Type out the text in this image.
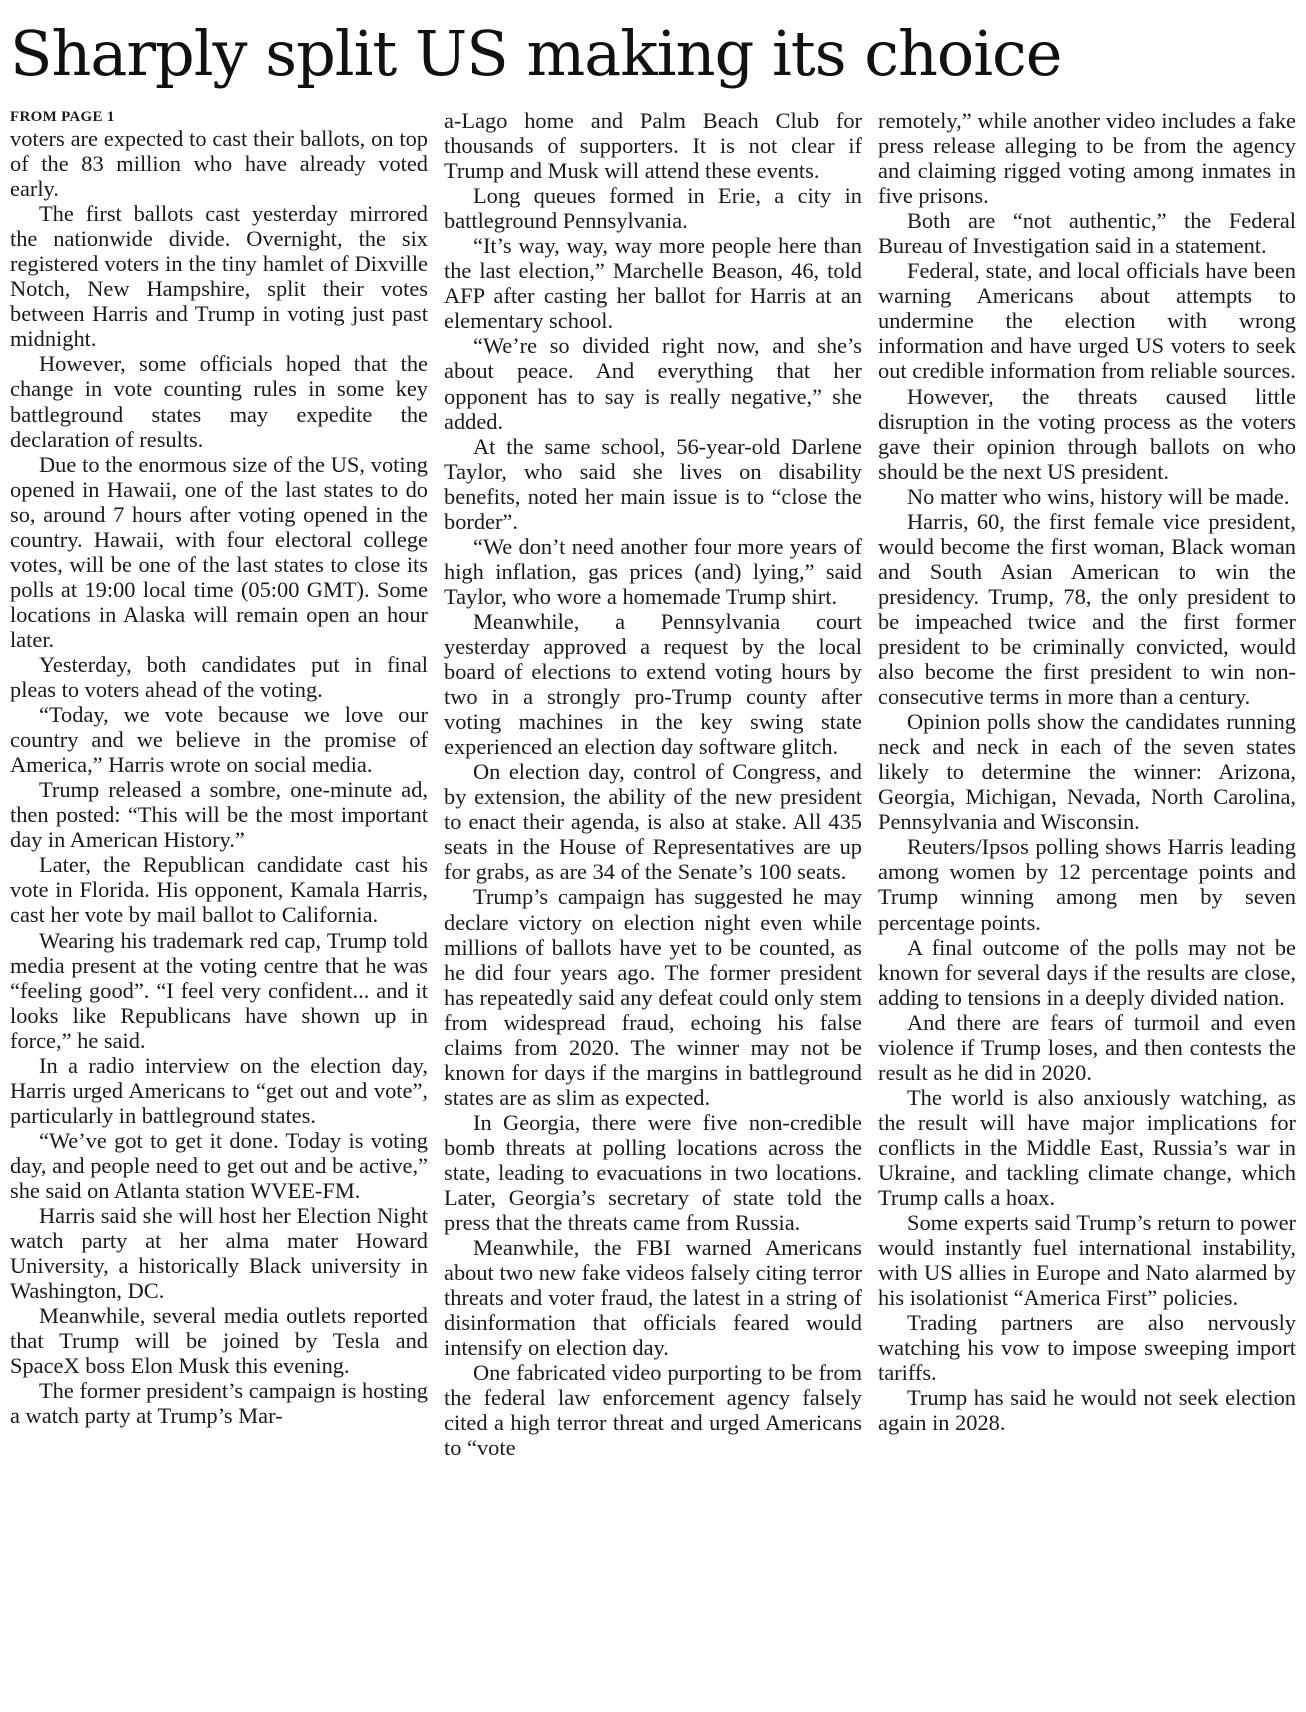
Sharply split US making its choice
FROM PAGE 1

voters are expected to cast their ballots, on top of the 83 million who have already voted early.

The first ballots cast yesterday mirrored the nationwide divide. Overnight, the six registered voters in the tiny hamlet of Dixville Notch, New Hampshire, split their votes between Harris and Trump in voting just past midnight.

However, some officials hoped that the change in vote counting rules in some key battleground states may expedite the declaration of results.

Due to the enormous size of the US, voting opened in Hawaii, one of the last states to do so, around 7 hours after voting opened in the country. Hawaii, with four electoral college votes, will be one of the last states to close its polls at 19:00 local time (05:00 GMT). Some locations in Alaska will remain open an hour later.

Yesterday, both candidates put in final pleas to voters ahead of the voting.

“Today, we vote because we love our country and we believe in the promise of America,” Harris wrote on social media.

Trump released a sombre, one-minute ad, then posted: “This will be the most important day in American History.”

Later, the Republican candidate cast his vote in Florida. His opponent, Kamala Harris, cast her vote by mail ballot to California.

Wearing his trademark red cap, Trump told media present at the voting centre that he was “feeling good”. “I feel very confident... and it looks like Republicans have shown up in force,” he said.

In a radio interview on the election day, Harris urged Americans to “get out and vote”, particularly in battleground states.

“We’ve got to get it done. Today is voting day, and people need to get out and be active,” she said on Atlanta station WVEE-FM.

Harris said she will host her Election Night watch party at her alma mater Howard University, a historically Black university in Washington, DC.

Meanwhile, several media outlets reported that Trump will be joined by Tesla and SpaceX boss Elon Musk this evening.

The former president’s campaign is hosting a watch party at Trump’s Mar-

a-Lago home and Palm Beach Club for thousands of supporters. It is not clear if Trump and Musk will attend these events.

Long queues formed in Erie, a city in battleground Pennsylvania.

“It’s way, way, way more people here than the last election,” Marchelle Beason, 46, told AFP after casting her ballot for Harris at an elementary school.

“We’re so divided right now, and she’s about peace. And everything that her opponent has to say is really negative,” she added.

At the same school, 56-year-old Darlene Taylor, who said she lives on disability benefits, noted her main issue is to “close the border”.

“We don’t need another four more years of high inflation, gas prices (and) lying,” said Taylor, who wore a homemade Trump shirt.

Meanwhile, a Pennsylvania court yesterday approved a request by the local board of elections to extend voting hours by two in a strongly pro-Trump county after voting machines in the key swing state experienced an election day software glitch.

On election day, control of Congress, and by extension, the ability of the new president to enact their agenda, is also at stake. All 435 seats in the House of Representatives are up for grabs, as are 34 of the Senate’s 100 seats.

Trump’s campaign has suggested he may declare victory on election night even while millions of ballots have yet to be counted, as he did four years ago. The former president has repeatedly said any defeat could only stem from widespread fraud, echoing his false claims from 2020. The winner may not be known for days if the margins in battleground states are as slim as expected.

In Georgia, there were five non-credible bomb threats at polling locations across the state, leading to evacuations in two locations. Later, Georgia’s secretary of state told the press that the threats came from Russia.

Meanwhile, the FBI warned Americans about two new fake videos falsely citing terror threats and voter fraud, the latest in a string of disinformation that officials feared would intensify on election day.

One fabricated video purporting to be from the federal law enforcement agency falsely cited a high terror threat and urged Americans to “vote

remotely,” while another video includes a fake press release alleging to be from the agency and claiming rigged voting among inmates in five prisons.

Both are “not authentic,” the Federal Bureau of Investigation said in a statement.

Federal, state, and local officials have been warning Americans about attempts to undermine the election with wrong information and have urged US voters to seek out credible information from reliable sources.

However, the threats caused little disruption in the voting process as the voters gave their opinion through ballots on who should be the next US president.

No matter who wins, history will be made.

Harris, 60, the first female vice president, would become the first woman, Black woman and South Asian American to win the presidency. Trump, 78, the only president to be impeached twice and the first former president to be criminally convicted, would also become the first president to win non-consecutive terms in more than a century.

Opinion polls show the candidates running neck and neck in each of the seven states likely to determine the winner: Arizona, Georgia, Michigan, Nevada, North Carolina, Pennsylvania and Wisconsin.

Reuters/Ipsos polling shows Harris leading among women by 12 percentage points and Trump winning among men by seven percentage points.

A final outcome of the polls may not be known for several days if the results are close, adding to tensions in a deeply divided nation.

And there are fears of turmoil and even violence if Trump loses, and then contests the result as he did in 2020.

The world is also anxiously watching, as the result will have major implications for conflicts in the Middle East, Russia’s war in Ukraine, and tackling climate change, which Trump calls a hoax.

Some experts said Trump’s return to power would instantly fuel international instability, with US allies in Europe and Nato alarmed by his isolationist “America First” policies.

Trading partners are also nervously watching his vow to impose sweeping import tariffs.

Trump has said he would not seek election again in 2028.
